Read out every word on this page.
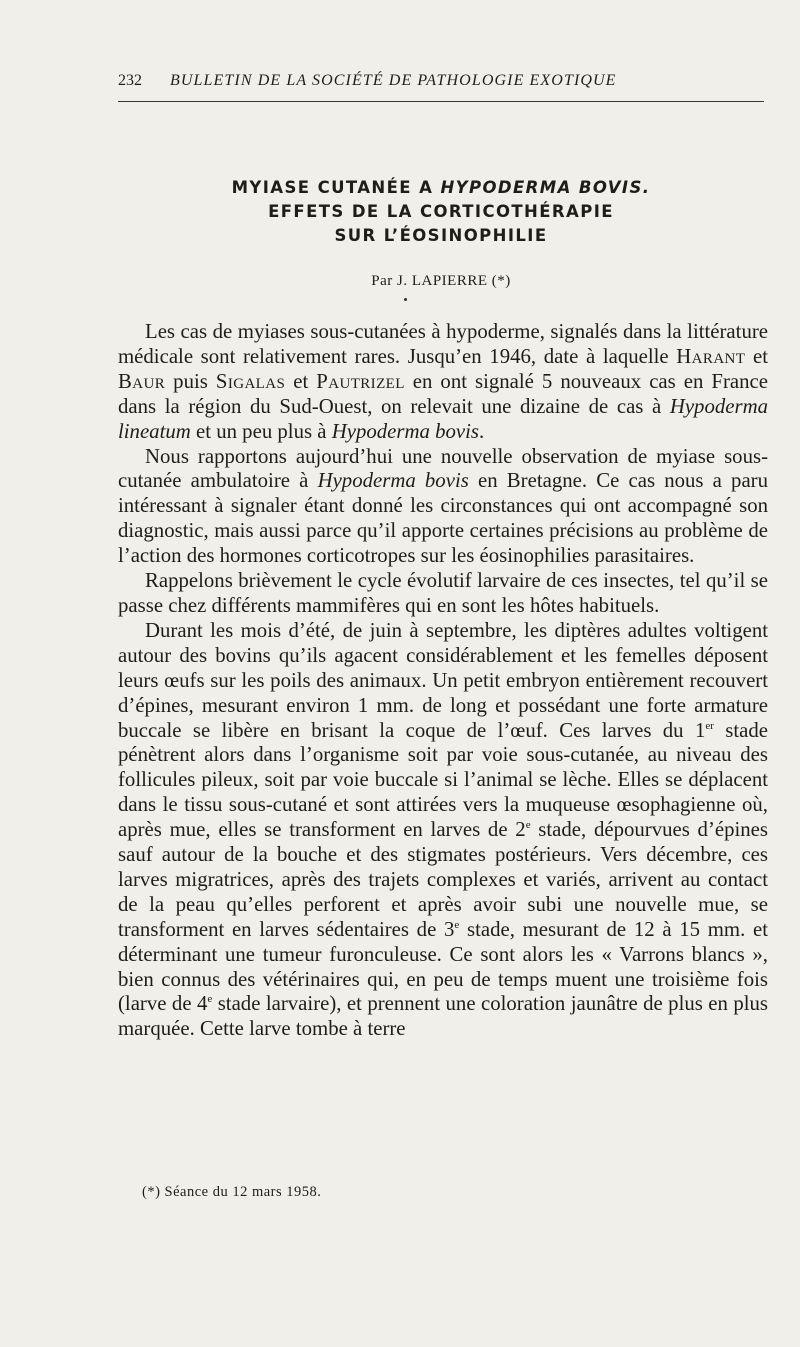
232 BULLETIN DE LA SOCIÉTÉ DE PATHOLOGIE EXOTIQUE
MYIASE CUTANÉE A HYPODERMA BOVIS.
EFFETS DE LA CORTICOTHÉRAPIE
SUR L’ÉOSINOPHILIE
Par J. LAPIERRE (*)

Les cas de myiases sous-cutanées à hypoderme, signalés dans la littérature médicale sont relativement rares. Jusqu’en 1946, date à laquelle Harant et Baur puis Sigalas et Pautrizel en ont signalé 5 nouveaux cas en France dans la région du Sud-Ouest, on relevait une dizaine de cas à Hypoderma lineatum et un peu plus à Hypoderma bovis.

Nous rapportons aujourd’hui une nouvelle observation de myiase sous-cutanée ambulatoire à Hypoderma bovis en Bretagne. Ce cas nous a paru intéressant à signaler étant donné les circonstances qui ont accompagné son diagnostic, mais aussi parce qu’il apporte certaines précisions au problème de l’action des hormones corticotropes sur les éosinophilies parasitaires.

Rappelons brièvement le cycle évolutif larvaire de ces insectes, tel qu’il se passe chez différents mammifères qui en sont les hôtes habituels.

Durant les mois d’été, de juin à septembre, les diptères adultes voltigent autour des bovins qu’ils agacent considérablement et les femelles déposent leurs œufs sur les poils des animaux. Un petit embryon entièrement recouvert d’épines, mesurant environ 1 mm. de long et possédant une forte armature buccale se libère en brisant la coque de l’œuf. Ces larves du 1er stade pénètrent alors dans l’organisme soit par voie sous-cutanée, au niveau des follicules pileux, soit par voie buccale si l’animal se lèche. Elles se déplacent dans le tissu sous-cutané et sont attirées vers la muqueuse œsophagienne où, après mue, elles se transforment en larves de 2e stade, dépourvues d’épines sauf autour de la bouche et des stigmates postérieurs. Vers décembre, ces larves migratrices, après des trajets complexes et variés, arrivent au contact de la peau qu’elles perforent et après avoir subi une nouvelle mue, se transforment en larves sédentaires de 3e stade, mesurant de 12 à 15 mm. et déterminant une tumeur furonculeuse. Ce sont alors les « Varrons blancs », bien connus des vétérinaires qui, en peu de temps muent une troisième fois (larve de 4e stade larvaire), et prennent une coloration jaunâtre de plus en plus marquée. Cette larve tombe à terre

(*) Séance du 12 mars 1958.
